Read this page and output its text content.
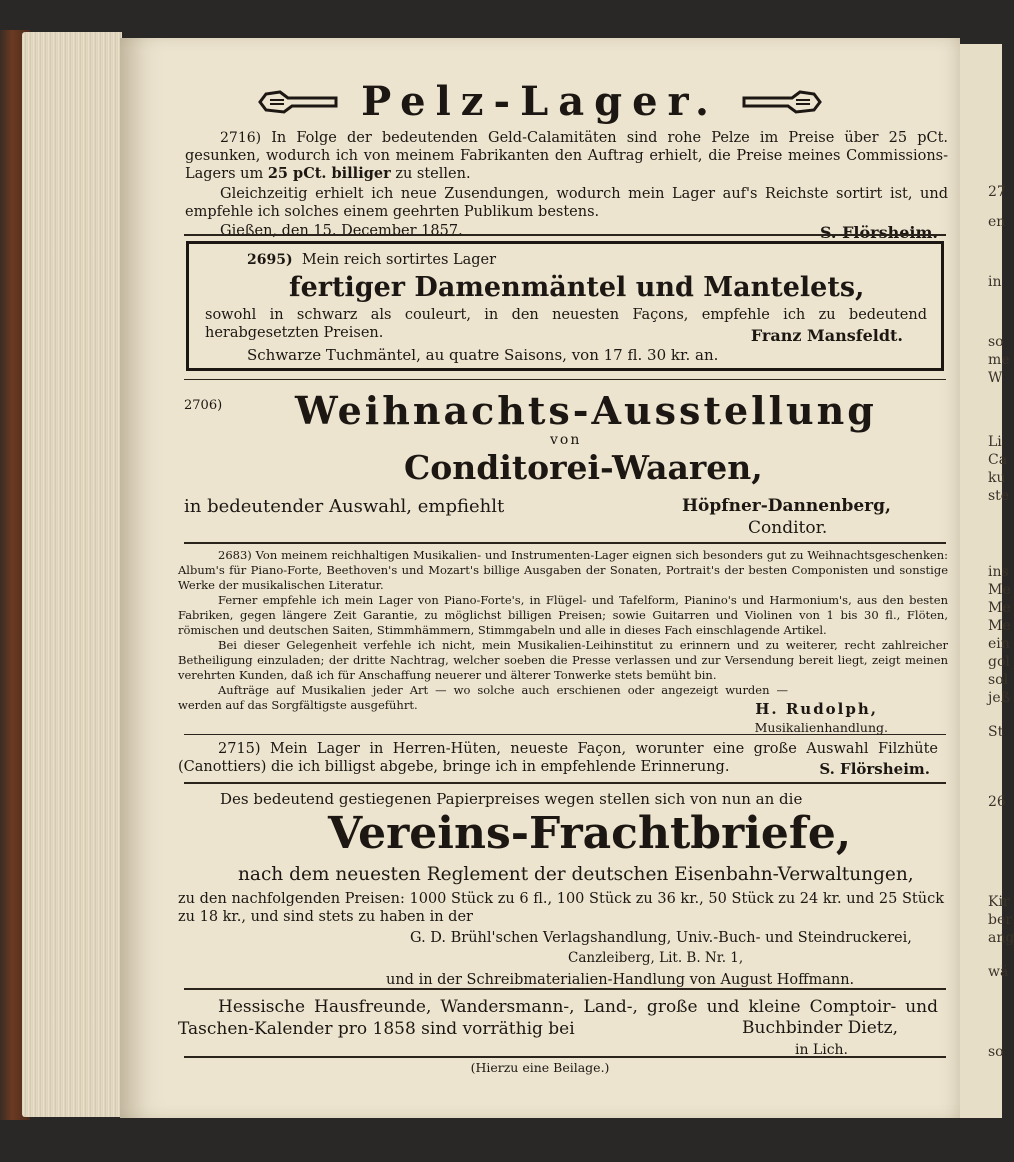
27
en
in
so
me
W
Li
Ca
ku
ste
ins
Me
Me
Me
ein
gol
sol
jeß
St
26
Kir
ber
ang
wä
so
Pelz-Lager.

2716) In Folge der bedeutenden Geld-Calamitäten sind rohe Pelze im Preise über 25 pCt. gesunken, wodurch ich von meinem Fabrikanten den Auftrag erhielt, die Preise meines Commissions-Lagers um 25 pCt. billiger zu stellen.

Gleichzeitig erhielt ich neue Zusendungen, wodurch mein Lager auf's Reichste sortirt ist, und empfehle ich solches einem geehrten Publikum bestens.

Gießen, den 15. December 1857.	S. Flörsheim.
2695) Mein reich sortirtes Lager
fertiger Damenmäntel und Mantelets,

sowohl in schwarz als couleurt, in den neuesten Façons, empfehle ich zu bedeutend herabgesetzten Preisen.	Franz Mansfeldt.
Schwarze Tuchmäntel, au quatre Saisons, von 17 fl. 30 kr. an.
2706) Weihnachts-Ausstellung
von
Conditorei-Waaren,
in bedeutender Auswahl, empfiehlt	Höpfner-Dannenberg,
Conditor.

2683) Von meinem reichhaltigen Musikalien- und Instrumenten-Lager eignen sich besonders gut zu Weihnachtsgeschenken: Album's für Piano-Forte, Beethoven's und Mozart's billige Ausgaben der Sonaten, Portrait's der besten Componisten und sonstige Werke der musikalischen Literatur.

Ferner empfehle ich mein Lager von Piano-Forte's, in Flügel- und Tafelform, Pianino's und Harmonium's, aus den besten Fabriken, gegen längere Zeit Garantie, zu möglichst billigen Preisen; sowie Guitarren und Violinen von 1 bis 30 fl., Flöten, römischen und deutschen Saiten, Stimmhämmern, Stimmgabeln und alle in dieses Fach einschlagende Artikel.

Bei dieser Gelegenheit verfehle ich nicht, mein Musikalien-Leihinstitut zu erinnern und zu weiterer, recht zahlreicher Betheiligung einzuladen; der dritte Nachtrag, welcher soeben die Presse verlassen und zur Versendung bereit liegt, zeigt meinen verehrten Kunden, daß ich für Anschaffung neuerer und älterer Tonwerke stets bemüht bin.

Aufträge auf Musikalien jeder Art — wo solche auch erschienen oder angezeigt wurden — werden auf das Sorgfältigste ausgeführt.	H. Rudolph,
Musikalienhandlung.

2715) Mein Lager in Herren-Hüten, neueste Façon, worunter eine große Auswahl Filzhüte (Canottiers) die ich billigst abgebe, bringe ich in empfehlende Erinnerung.	S. Flörsheim.
Des bedeutend gestiegenen Papierpreises wegen stellen sich von nun an die
Vereins-Frachtbriefe,
nach dem neuesten Reglement der deutschen Eisenbahn-Verwaltungen,

zu den nachfolgenden Preisen: 1000 Stück zu 6 fl., 100 Stück zu 36 kr., 50 Stück zu 24 kr. und 25 Stück zu 18 kr., und sind stets zu haben in der

G. D. Brühl'schen Verlagshandlung, Univ.-Buch- und Steindruckerei,
Canzleiberg, Lit. B. Nr. 1,
und in der Schreibmaterialien-Handlung von August Hoffmann.

Hessische Hausfreunde, Wandersmann-, Land-, große und kleine Comptoir- und Taschen-Kalender pro 1858 sind vorräthig bei	Buchbinder Dietz,
in Lich.
(Hierzu eine Beilage.)
